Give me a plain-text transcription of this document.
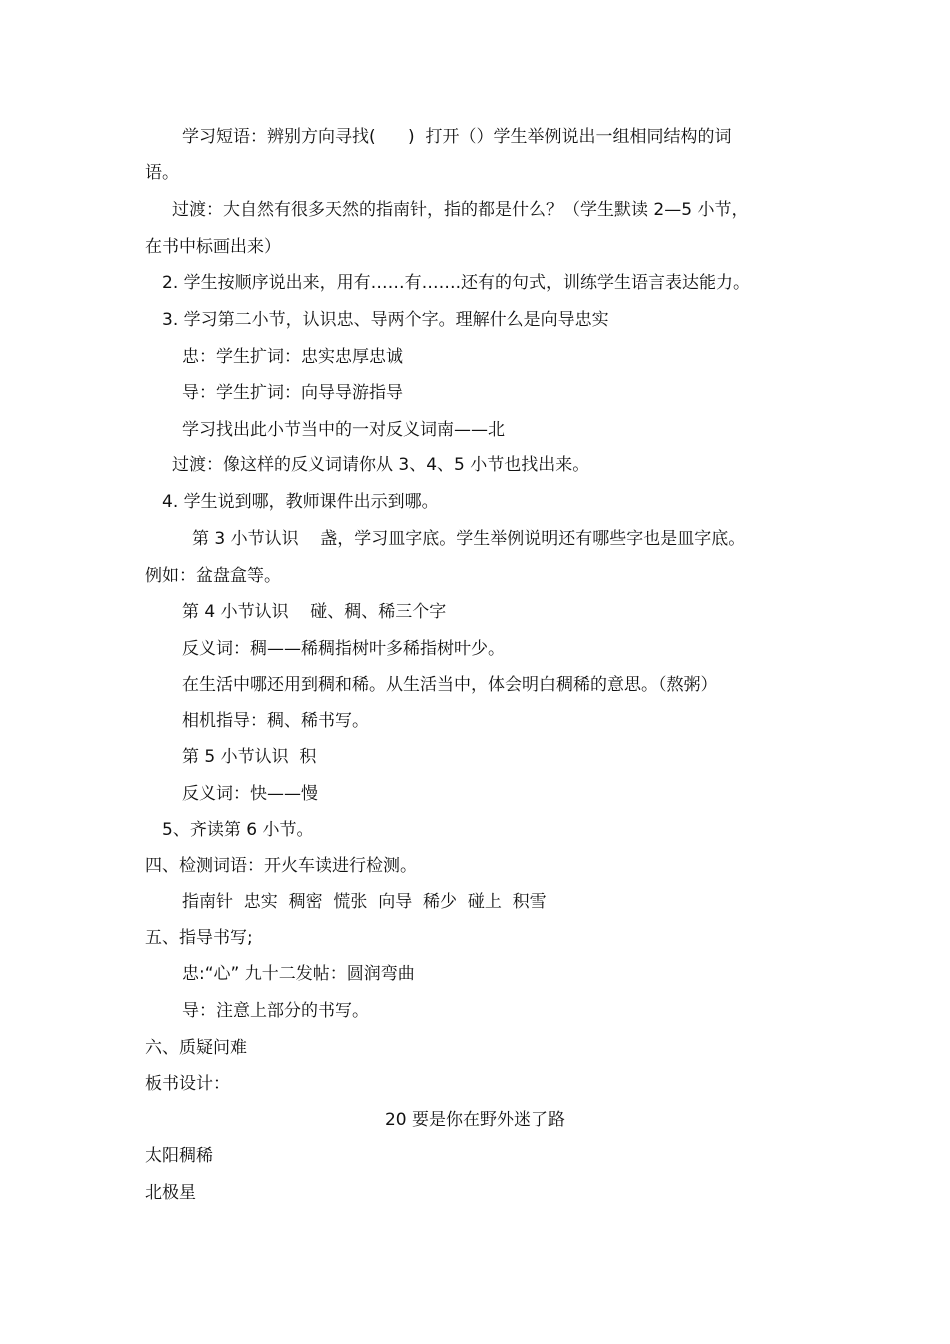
学习短语：辨别方向寻找(      )  打开（）学生举例说出一组相同结构的词
语。
过渡：大自然有很多天然的指南针，指的都是什么？（学生默读 2—5 小节，
在书中标画出来）
2. 学生按顺序说出来，用有……有…….还有的句式，训练学生语言表达能力。
3. 学习第二小节，认识忠、导两个字。理解什么是向导忠实
忠：学生扩词：忠实忠厚忠诚
导：学生扩词：向导导游指导
学习找出此小节当中的一对反义词南——北
过渡：像这样的反义词请你从 3、4、5 小节也找出来。
4. 学生说到哪，教师课件出示到哪。
第 3 小节认识    盏，学习皿字底。学生举例说明还有哪些字也是皿字底。
例如：盆盘盒等。
第 4 小节认识    碰、稠、稀三个字
反义词：稠——稀稠指树叶多稀指树叶少。
在生活中哪还用到稠和稀。从生活当中，体会明白稠稀的意思。（熬粥）
相机指导：稠、稀书写。
第 5 小节认识  积
反义词：快——慢
5、齐读第 6 小节。
四、检测词语：开火车读进行检测。
指南针  忠实  稠密  慌张  向导  稀少  碰上  积雪
五、指导书写;
忠:“心” 九十二发帖：圆润弯曲
导：注意上部分的书写。
六、质疑问难
板书设计：
20 要是你在野外迷了路
太阳稠稀
北极星
